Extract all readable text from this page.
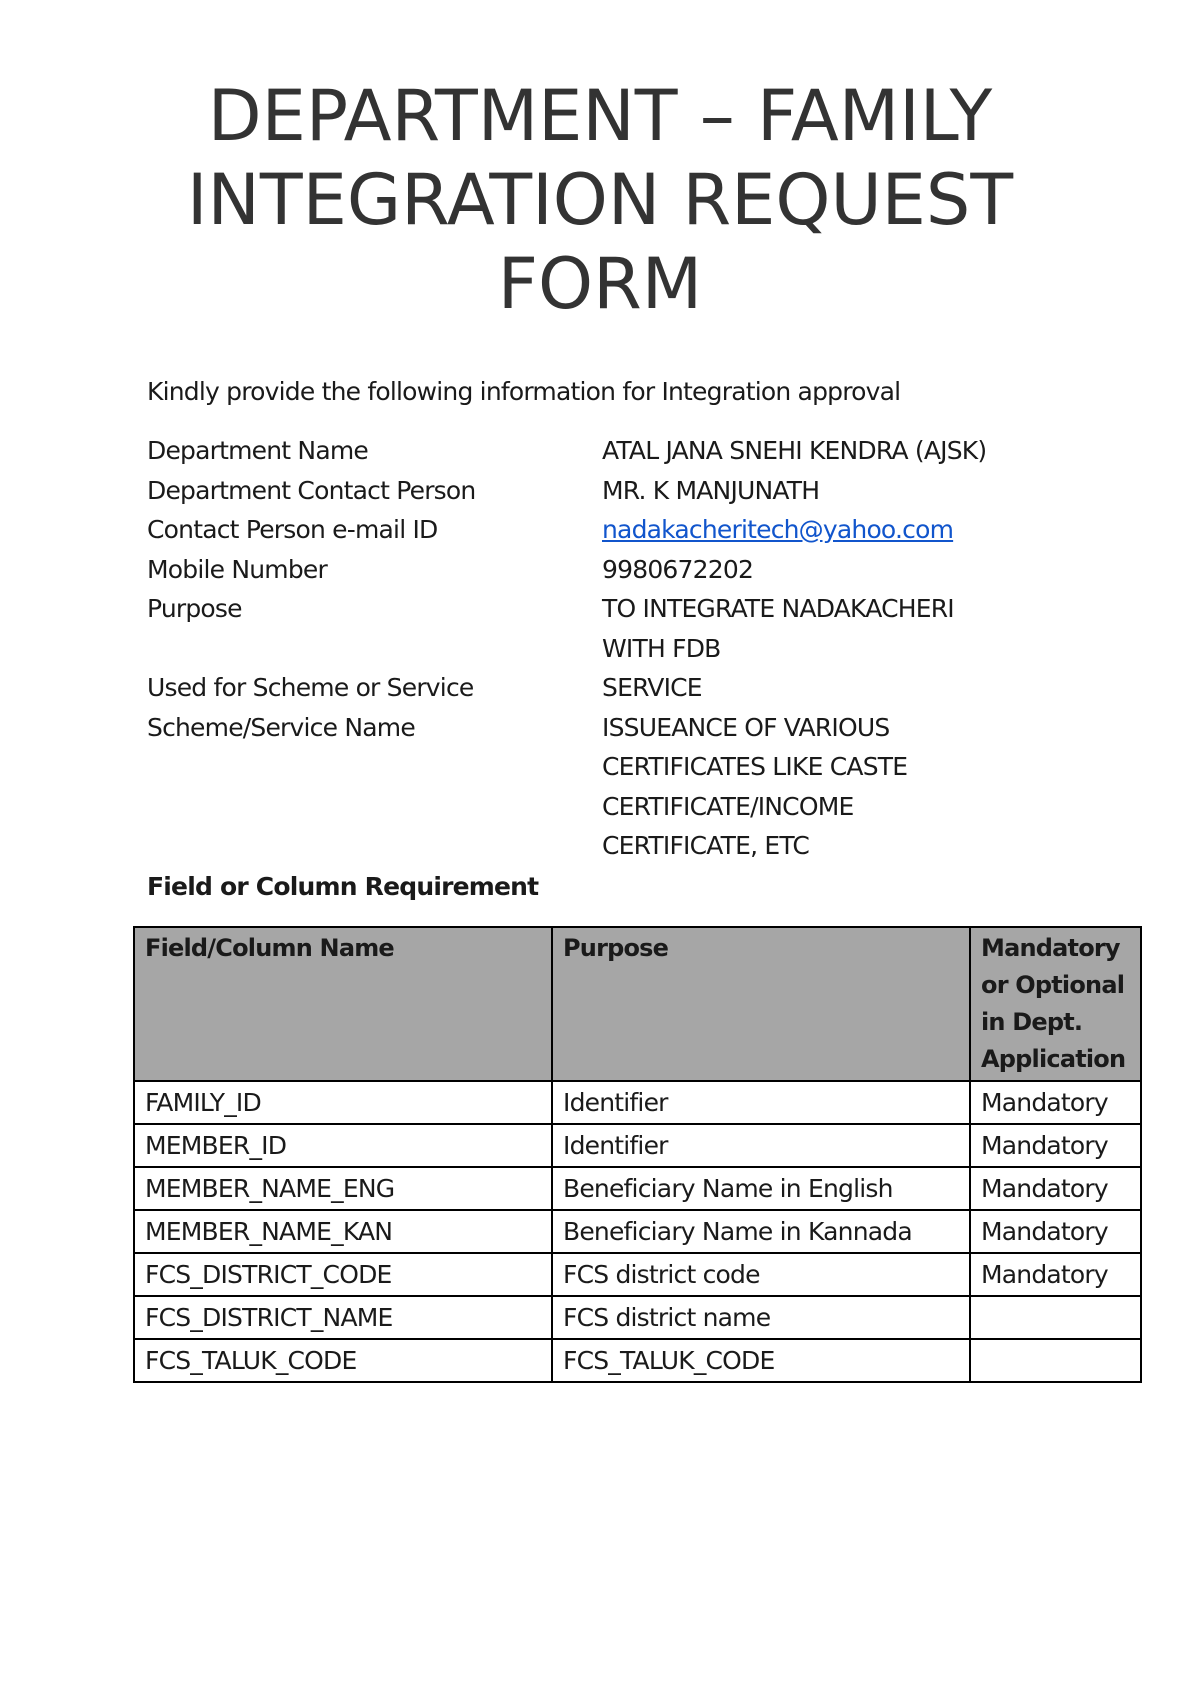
DEPARTMENT – FAMILY INTEGRATION REQUEST FORM
Kindly provide the following information for Integration approval
Department Name	ATAL JANA SNEHI KENDRA (AJSK)
Department Contact Person	MR. K MANJUNATH
Contact Person e-mail ID	nadakacheritech@yahoo.com
Mobile Number	9980672202
Purpose	TO INTEGRATE NADAKACHERI
WITH FDB
Used for Scheme or Service	SERVICE
Scheme/Service Name	ISSUEANCE OF VARIOUS
CERTIFICATES LIKE CASTE
CERTIFICATE/INCOME
CERTIFICATE, ETC
Field or Column Requirement
Field/Column Name	Purpose	Mandatory or Optional in Dept. Application
FAMILY_ID	Identifier	Mandatory
MEMBER_ID	Identifier	Mandatory
MEMBER_NAME_ENG	Beneficiary Name in English	Mandatory
MEMBER_NAME_KAN	Beneficiary Name in Kannada	Mandatory
FCS_DISTRICT_CODE	FCS district code	Mandatory
FCS_DISTRICT_NAME	FCS district name	
FCS_TALUK_CODE	FCS_TALUK_CODE	
